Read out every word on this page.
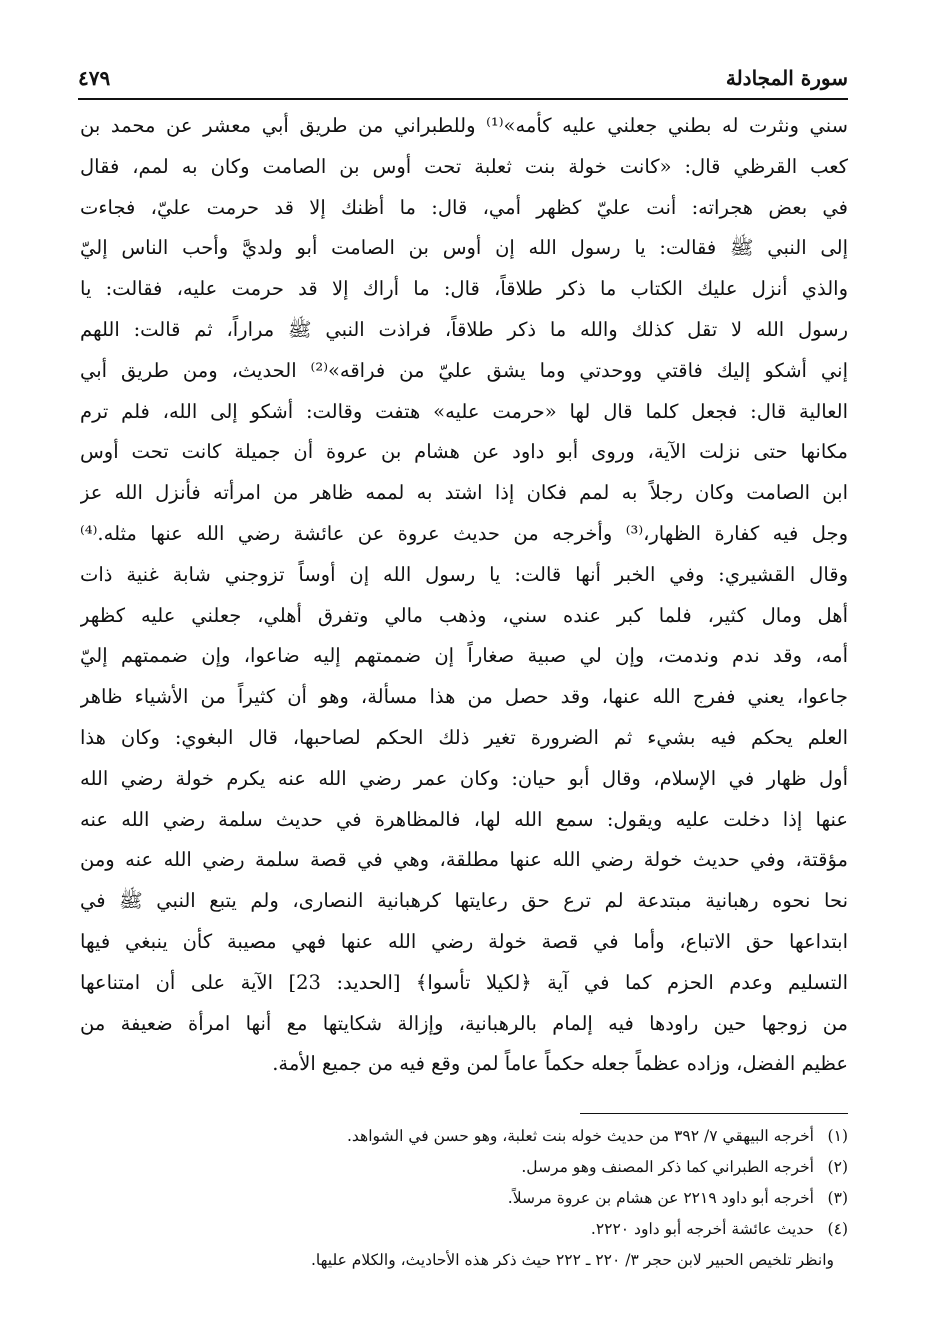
سورة المجادلة
٤٧٩
سني ونثرت له بطني جعلني عليه كأمه»⁽¹⁾ وللطبراني من طريق أبي معشر عن محمد بن
كعب القرظي قال: «كانت خولة بنت ثعلبة تحت أوس بن الصامت وكان به لمم، فقال
في بعض هجراته: أنت عليّ كظهر أمي، قال: ما أظنك إلا قد حرمت عليّ، فجاءت
إلى النبي ﷺ فقالت: يا رسول الله إن أوس بن الصامت أبو ولديَّ وأحب الناس إليّ
والذي أنزل عليك الكتاب ما ذكر طلاقاً، قال: ما أراك إلا قد حرمت عليه، فقالت: يا
رسول الله لا تقل كذلك والله ما ذكر طلاقاً، فراذت النبي ﷺ مراراً، ثم قالت: اللهم
إني أشكو إليك فاقتي ووحدتي وما يشق عليّ من فراقه»⁽²⁾ الحديث، ومن طريق أبي
العالية قال: فجعل كلما قال لها «حرمت عليه» هتفت وقالت: أشكو إلى الله، فلم ترم
مكانها حتى نزلت الآية، وروى أبو داود عن هشام بن عروة أن جميلة كانت تحت أوس
ابن الصامت وكان رجلاً به لمم فكان إذا اشتد به لممه ظاهر من امرأته فأنزل الله عز
وجل فيه كفارة الظهار،⁽³⁾ وأخرجه من حديث عروة عن عائشة رضي الله عنها مثله.⁽⁴⁾
وقال القشيري: وفي الخبر أنها قالت: يا رسول الله إن أوساً تزوجني شابة غنية ذات
أهل ومال كثير، فلما كبر عنده سني، وذهب مالي وتفرق أهلي، جعلني عليه كظهر
أمه، وقد ندم وندمت، وإن لي صبية صغاراً إن ضممتهم إليه ضاعوا، وإن ضممتهم إليّ
جاعوا، يعني ففرج الله عنها، وقد حصل من هذا مسألة، وهو أن كثيراً من الأشياء ظاهر
العلم يحكم فيه بشيء ثم الضرورة تغير ذلك الحكم لصاحبها، قال البغوي: وكان هذا
أول ظهار في الإسلام، وقال أبو حيان: وكان عمر رضي الله عنه يكرم خولة رضي الله
عنها إذا دخلت عليه ويقول: سمع الله لها، فالمظاهرة في حديث سلمة رضي الله عنه
مؤقتة، وفي حديث خولة رضي الله عنها مطلقة، وهي في قصة سلمة رضي الله عنه ومن
نحا نحوه رهبانية مبتدعة لم ترع حق رعايتها كرهبانية النصارى، ولم يتبع النبي ﷺ في
ابتداعها حق الاتباع، وأما في قصة خولة رضي الله عنها فهي مصيبة كأن ينبغي فيها
التسليم وعدم الحزم كما في آية ﴿لكيلا تأسوا﴾ [الحديد: 23] الآية على أن امتناعها
من زوجها حين راودها فيه إلمام بالرهبانية، وإزالة شكايتها مع أنها امرأة ضعيفة من
عظيم الفضل، وزاده عظماً جعله حكماً عاماً لمن وقع فيه من جميع الأمة.
(١)أخرجه البيهقي ٧/ ٣٩٢ من حديث خوله بنت ثعلبة، وهو حسن في الشواهد.
(٢)أخرجه الطبراني كما ذكر المصنف وهو مرسل.
(٣)أخرجه أبو داود ٢٢١٩ عن هشام بن عروة مرسلاً.
(٤)حديث عائشة أخرجه أبو داود ٢٢٢٠.
وانظر تلخيص الحبير لابن حجر ٣/ ٢٢٠ ـ ٢٢٢ حيث ذكر هذه الأحاديث، والكلام عليها.
